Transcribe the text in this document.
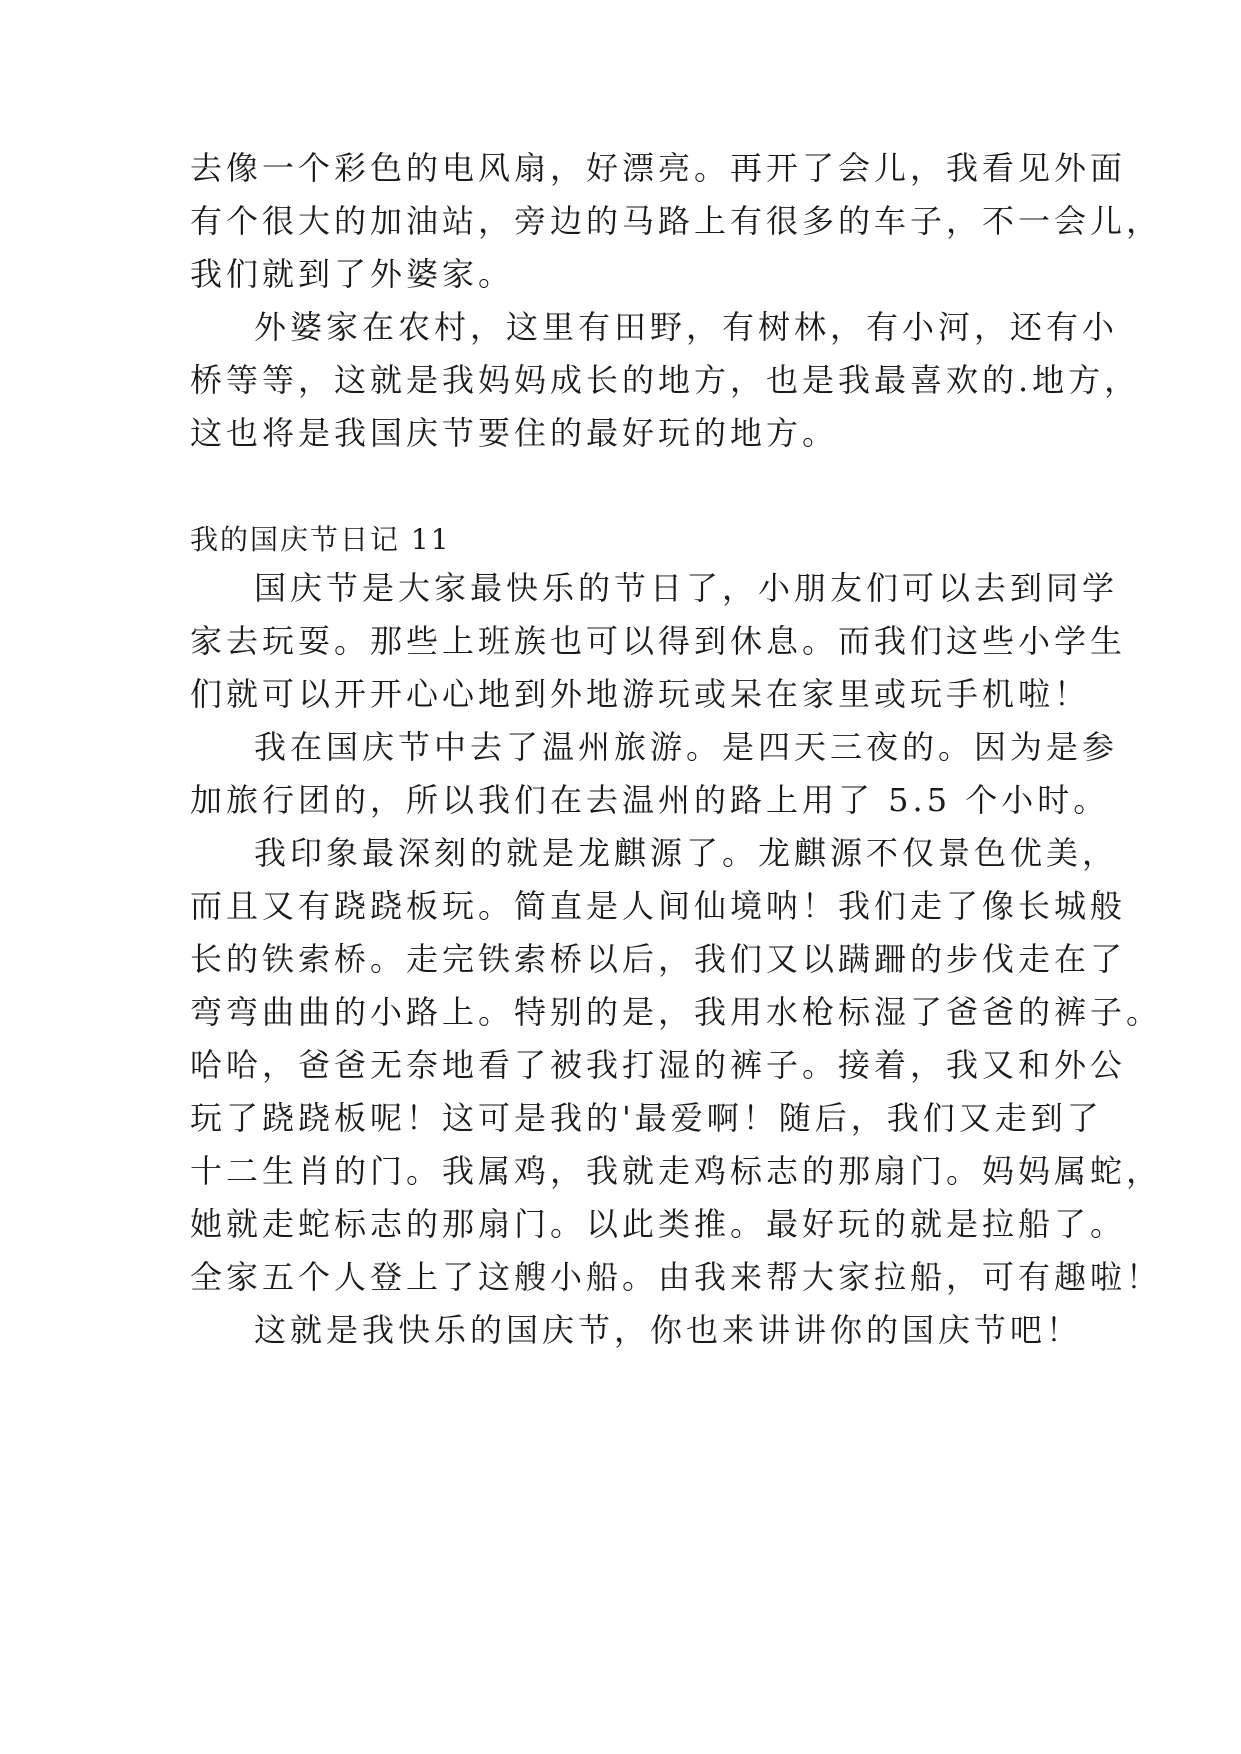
去像一个彩色的电风扇，好漂亮。再开了会儿，我看见外面
有个很大的加油站，旁边的马路上有很多的车子，不一会儿，
我们就到了外婆家。
外婆家在农村，这里有田野，有树林，有小河，还有小
桥等等，这就是我妈妈成长的地方，也是我最喜欢的.地方，
这也将是我国庆节要住的最好玩的地方。
我的国庆节日记 11
国庆节是大家最快乐的节日了，小朋友们可以去到同学
家去玩耍。那些上班族也可以得到休息。而我们这些小学生
们就可以开开心心地到外地游玩或呆在家里或玩手机啦！
我在国庆节中去了温州旅游。是四天三夜的。因为是参
加旅行团的，所以我们在去温州的路上用了 5.5 个小时。
我印象最深刻的就是龙麒源了。龙麒源不仅景色优美，
而且又有跷跷板玩。简直是人间仙境呐！我们走了像长城般
长的铁索桥。走完铁索桥以后，我们又以蹒跚的步伐走在了
弯弯曲曲的小路上。特别的是，我用水枪标湿了爸爸的裤子。
哈哈，爸爸无奈地看了被我打湿的裤子。接着，我又和外公
玩了跷跷板呢！这可是我的'最爱啊！随后，我们又走到了
十二生肖的门。我属鸡，我就走鸡标志的那扇门。妈妈属蛇，
她就走蛇标志的那扇门。以此类推。最好玩的就是拉船了。
全家五个人登上了这艘小船。由我来帮大家拉船，可有趣啦！
这就是我快乐的国庆节，你也来讲讲你的国庆节吧！
